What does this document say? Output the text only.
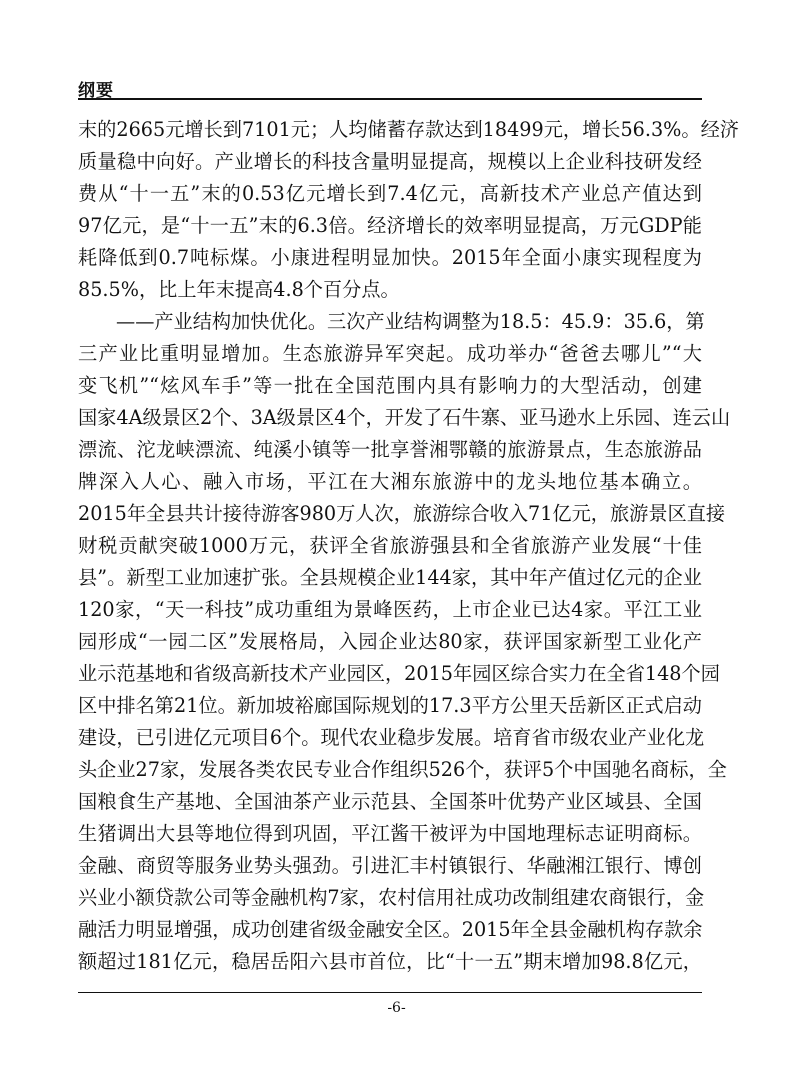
纲要
末的2665元增长到7101元；人均储蓄存款达到18499元，增长56.3%。经济
质量稳中向好。产业增长的科技含量明显提高，规模以上企业科技研发经
费从“十一五”末的0.53亿元增长到7.4亿元，高新技术产业总产值达到
97亿元，是“十一五”末的6.3倍。经济增长的效率明显提高，万元GDP能
耗降低到0.7吨标煤。小康进程明显加快。2015年全面小康实现程度为
85.5%，比上年末提高4.8个百分点。
——产业结构加快优化。三次产业结构调整为18.5：45.9：35.6，第
三产业比重明显增加。生态旅游异军突起。成功举办“爸爸去哪儿”“大
变飞机”“炫风车手”等一批在全国范围内具有影响力的大型活动，创建
国家4A级景区2个、3A级景区4个，开发了石牛寨、亚马逊水上乐园、连云山
漂流、沱龙峡漂流、纯溪小镇等一批享誉湘鄂赣的旅游景点，生态旅游品
牌深入人心、融入市场，平江在大湘东旅游中的龙头地位基本确立。
2015年全县共计接待游客980万人次，旅游综合收入71亿元，旅游景区直接
财税贡献突破1000万元，获评全省旅游强县和全省旅游产业发展“十佳
县”。新型工业加速扩张。全县规模企业144家，其中年产值过亿元的企业
120家，“天一科技”成功重组为景峰医药，上市企业已达4家。平江工业
园形成“一园二区”发展格局，入园企业达80家，获评国家新型工业化产
业示范基地和省级高新技术产业园区，2015年园区综合实力在全省148个园
区中排名第21位。新加坡裕廊国际规划的17.3平方公里天岳新区正式启动
建设，已引进亿元项目6个。现代农业稳步发展。培育省市级农业产业化龙
头企业27家，发展各类农民专业合作组织526个，获评5个中国驰名商标，全
国粮食生产基地、全国油茶产业示范县、全国茶叶优势产业区域县、全国
生猪调出大县等地位得到巩固，平江酱干被评为中国地理标志证明商标。
金融、商贸等服务业势头强劲。引进汇丰村镇银行、华融湘江银行、博创
兴业小额贷款公司等金融机构7家，农村信用社成功改制组建农商银行，金
融活力明显增强，成功创建省级金融安全区。2015年全县金融机构存款余
额超过181亿元，稳居岳阳六县市首位，比“十一五”期末增加98.8亿元，
-6-
